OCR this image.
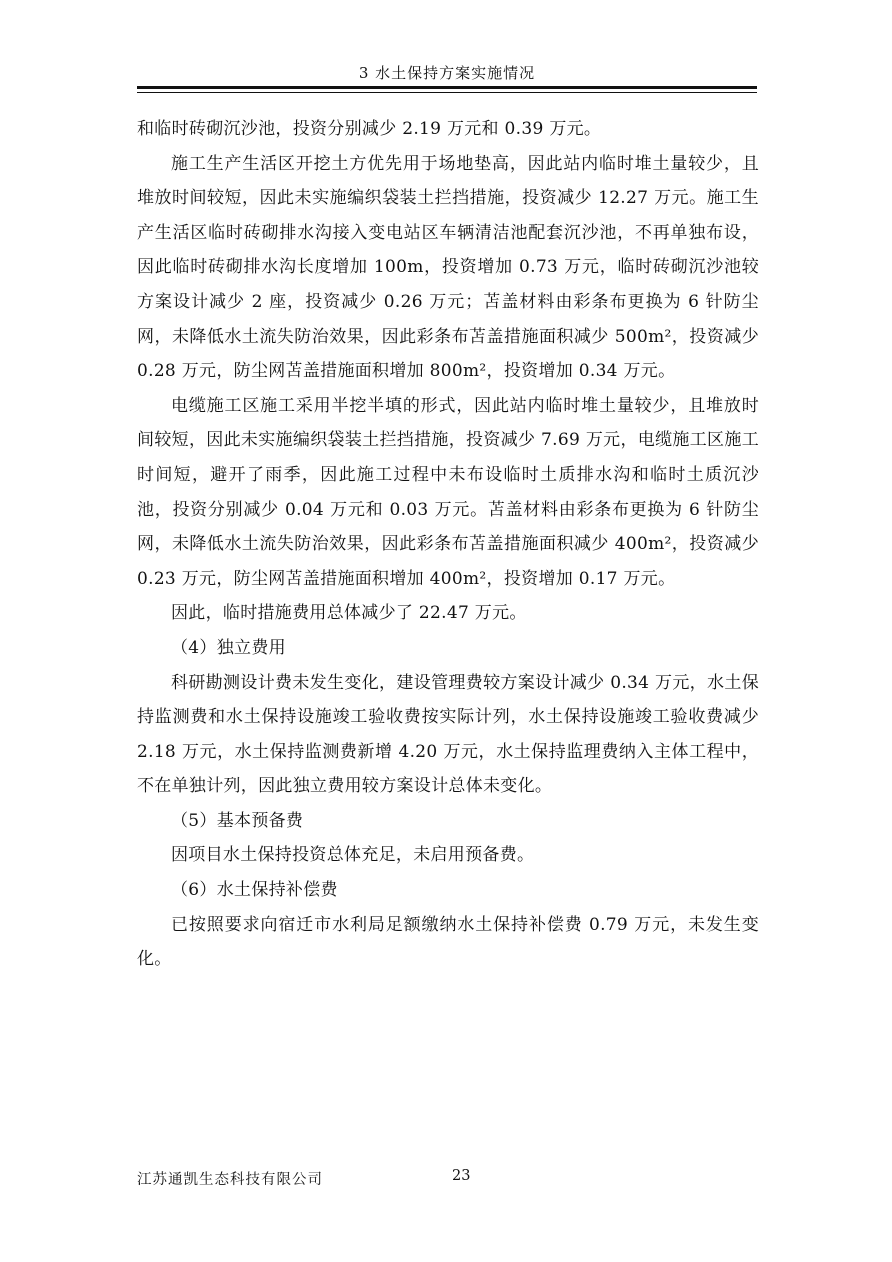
3 水土保持方案实施情况

和临时砖砌沉沙池，投资分别减少 2.19 万元和 0.39 万元。

施工生产生活区开挖土方优先用于场地垫高，因此站内临时堆土量较少，且堆放时间较短，因此未实施编织袋装土拦挡措施，投资减少 12.27 万元。施工生产生活区临时砖砌排水沟接入变电站区车辆清洁池配套沉沙池，不再单独布设，因此临时砖砌排水沟长度增加 100m，投资增加 0.73 万元，临时砖砌沉沙池较方案设计减少 2 座，投资减少 0.26 万元；苫盖材料由彩条布更换为 6 针防尘网，未降低水土流失防治效果，因此彩条布苫盖措施面积减少 500m²，投资减少 0.28 万元，防尘网苫盖措施面积增加 800m²，投资增加 0.34 万元。

电缆施工区施工采用半挖半填的形式，因此站内临时堆土量较少，且堆放时间较短，因此未实施编织袋装土拦挡措施，投资减少 7.69 万元，电缆施工区施工时间短，避开了雨季，因此施工过程中未布设临时土质排水沟和临时土质沉沙池，投资分别减少 0.04 万元和 0.03 万元。苫盖材料由彩条布更换为 6 针防尘网，未降低水土流失防治效果，因此彩条布苫盖措施面积减少 400m²，投资减少 0.23 万元，防尘网苫盖措施面积增加 400m²，投资增加 0.17 万元。

因此，临时措施费用总体减少了 22.47 万元。

（4）独立费用

科研勘测设计费未发生变化，建设管理费较方案设计减少 0.34 万元，水土保持监测费和水土保持设施竣工验收费按实际计列，水土保持设施竣工验收费减少 2.18 万元，水土保持监测费新增 4.20 万元，水土保持监理费纳入主体工程中，不在单独计列，因此独立费用较方案设计总体未变化。

（5）基本预备费

因项目水土保持投资总体充足，未启用预备费。

（6）水土保持补偿费

已按照要求向宿迁市水利局足额缴纳水土保持补偿费 0.79 万元，未发生变化。

江苏通凯生态科技有限公司	23
